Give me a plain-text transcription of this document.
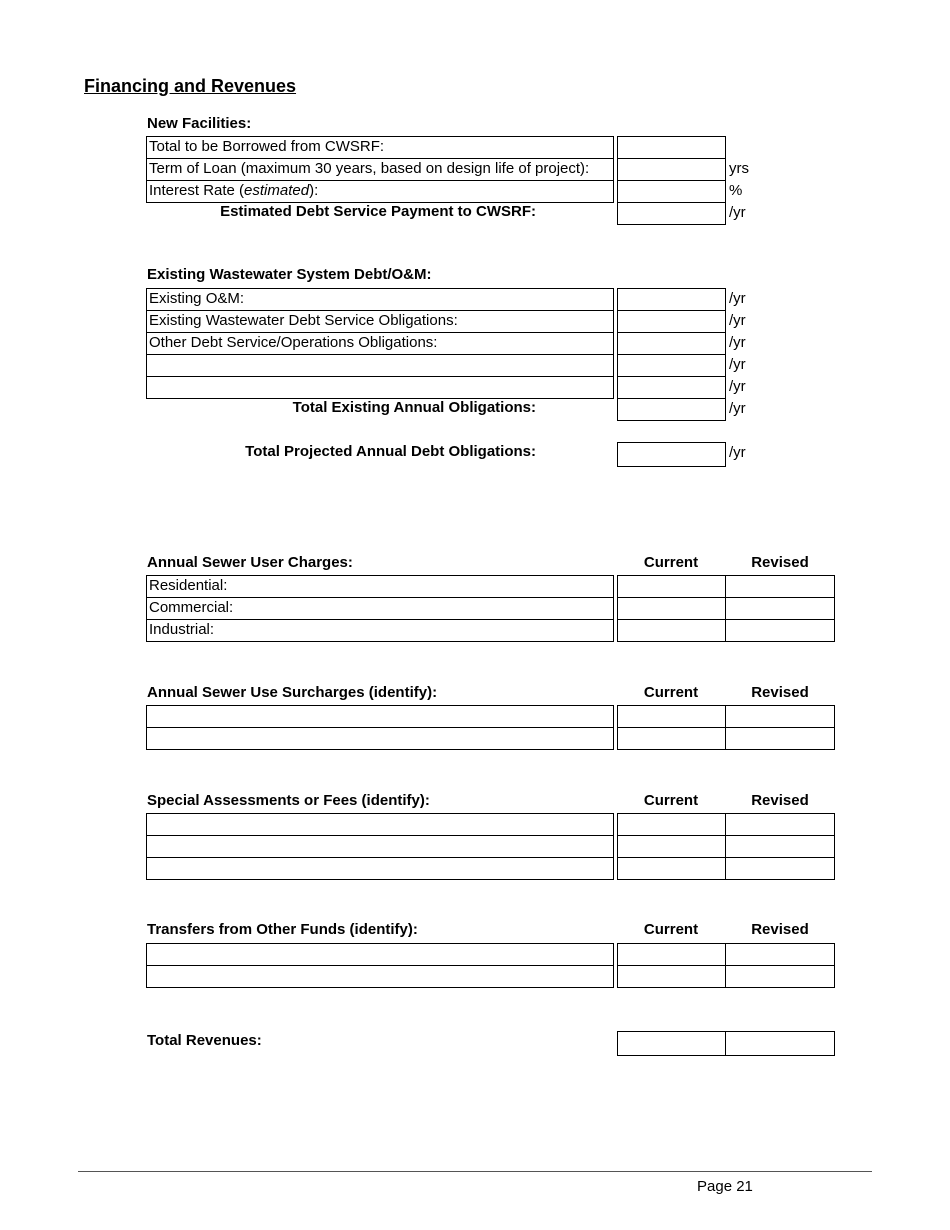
Financing and Revenues
New Facilities:
Total to be Borrowed from CWSRF:
Term of Loan (maximum 30 years, based on design life of project):	yrs
Interest Rate (estimated):	%
Estimated Debt Service Payment to CWSRF:	/yr
Existing Wastewater System Debt/O&M:
Existing O&M:	/yr
Existing Wastewater Debt Service Obligations:	/yr
Other Debt Service/Operations Obligations:	/yr
/yr
/yr
Total Existing Annual Obligations:	/yr
Total Projected Annual Debt Obligations:	/yr
Annual Sewer User Charges:	Current	Revised
Residential:
Commercial:
Industrial:
Annual Sewer Use Surcharges (identify):	Current	Revised
Special Assessments or Fees (identify):	Current	Revised
Transfers from Other Funds (identify):	Current	Revised
Total Revenues:
Page 21
